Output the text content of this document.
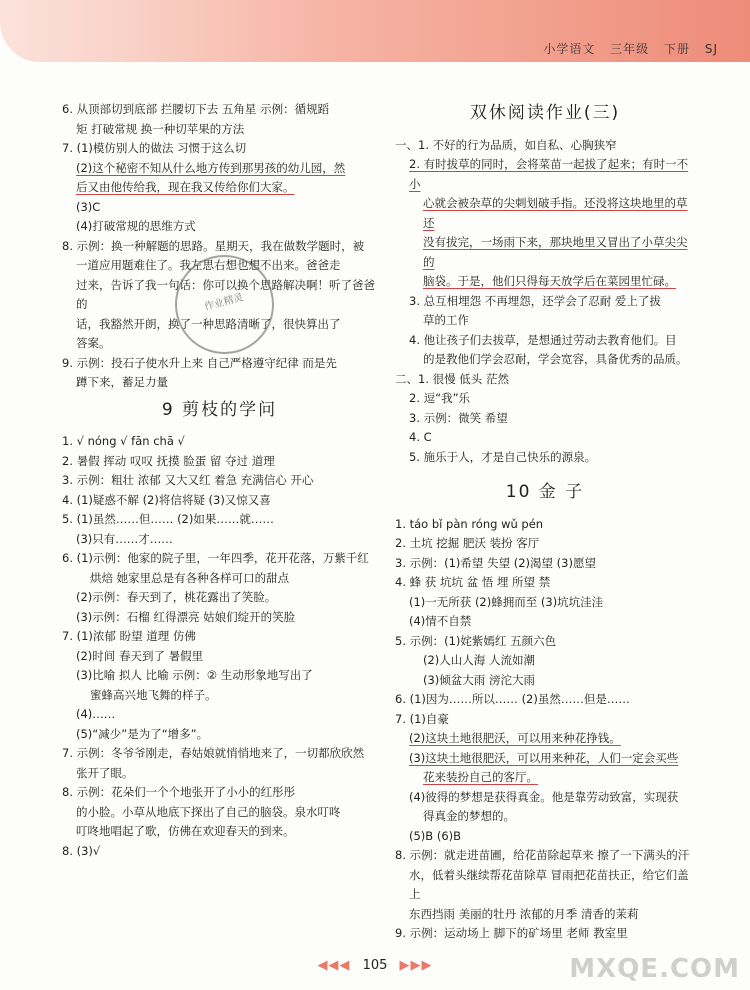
小学语文 三年级 下册 SJ

6. 从顶部切到底部 拦腰切下去 五角星 示例：循规蹈

矩 打破常规 换一种切苹果的方法

7. (1)模仿别人的做法 习惯于这么切

(2)这个秘密不知从什么地方传到那男孩的幼儿园，然

后又由他传给我，现在我又传给你们大家。

(3)C

(4)打破常规的思维方式

8. 示例：换一种解题的思路。星期天，我在做数学题时，被

一道应用题难住了。我左思右想也想不出来。爸爸走

过来，告诉了我一句话：你可以换个思路解决啊！听了爸爸的

话，我豁然开朗，换了一种思路清晰了，很快算出了

答案。

9. 示例：投石子使水升上来 自己严格遵守纪律 而是先

蹲下来，蓄足力量

9 剪枝的学问

1. √ nóng √ fān chā √

2. 暑假 挥动 叹叹 抚摸 脸蛋 留 夺过 道理

3. 示例：粗壮 浓郁 又大又红 着急 充满信心 开心

4. (1)疑惑不解 (2)将信将疑 (3)又惊又喜

5. (1)虽然……但…… (2)如果……就……

(3)只有……才……

6. (1)示例：他家的院子里，一年四季，花开花落，万紫千红

烘焙 她家里总是有各种各样可口的甜点

(2)示例：春天到了，桃花露出了笑脸。

(3)示例：石榴 红得漂亮 姑娘们绽开的笑脸

7. (1)浓郁 盼望 道理 仿佛

(2)时间 春天到了 暑假里

(3)比喻 拟人 比喻 示例：② 生动形象地写出了

蜜蜂高兴地飞舞的样子。

(4)……

(5)“减少”是为了“增多”。

7. 示例：冬爷爷刚走，春姑娘就悄悄地来了，一切都欣欣然

张开了眼。

8. 示例：花朵们一个个地张开了小小的红彤彤

的小脸。小草从地底下探出了自己的脑袋。泉水叮咚

叮咚地唱起了歌，仿佛在欢迎春天的到来。

8. (3)√

作业精灵
双休阅读作业(三)

一、1. 不好的行为品质，如自私、心胸狭窄

2. 有时拔草的同时，会将菜苗一起拔了起来；有时一不小

心就会被杂草的尖刺划破手指。还没将这块地里的草还

没有拔完，一场雨下来，那块地里又冒出了小草尖尖的

脑袋。于是，他们只得每天放学后在菜园里忙碌。

3. 总互相埋怨 不再埋怨，还学会了忍耐 爱上了拔

草的工作

4. 他让孩子们去拔草，是想通过劳动去教育他们。目

的是教他们学会忍耐，学会宽容，具备优秀的品质。

二、1. 很慢 低头 茫然

2. 逗“我”乐

3. 示例：微笑 希望

4. C

5. 施乐于人，才是自己快乐的源泉。

10 金 子

1. táo bǐ pàn róng wǔ pén

2. 土坑 挖掘 肥沃 装扮 客厅

3. 示例：(1)希望 失望 (2)渴望 (3)愿望

4. 蜂 获 坑坑 盆 悟 埋 所望 禁

(1)一无所获 (2)蜂拥而至 (3)坑坑洼洼

(4)情不自禁

5. 示例：(1)姹紫嫣红 五颜六色

(2)人山人海 人流如潮

(3)倾盆大雨 滂沱大雨

6. (1)因为……所以…… (2)虽然……但是……

7. (1)自豪

(2)这块土地很肥沃，可以用来种花挣钱。

(3)这块土地很肥沃，可以用来种花，人们一定会买些

花来装扮自己的客厅。

(4)彼得的梦想是获得真金。他是靠劳动致富，实现获

得真金的梦想的。

(5)B (6)B

8. 示例：就走进苗圃，给花苗除起草来 擦了一下满头的汗

水，低着头继续帮花苗除草 冒雨把花苗扶正，给它们盖上

东西挡雨 美丽的牡丹 浓郁的月季 清香的茉莉

9. 示例：运动场上 脚下的矿场里 老师 教室里

◀◀◀ 105 ▶▶▶	MXQE.COM
